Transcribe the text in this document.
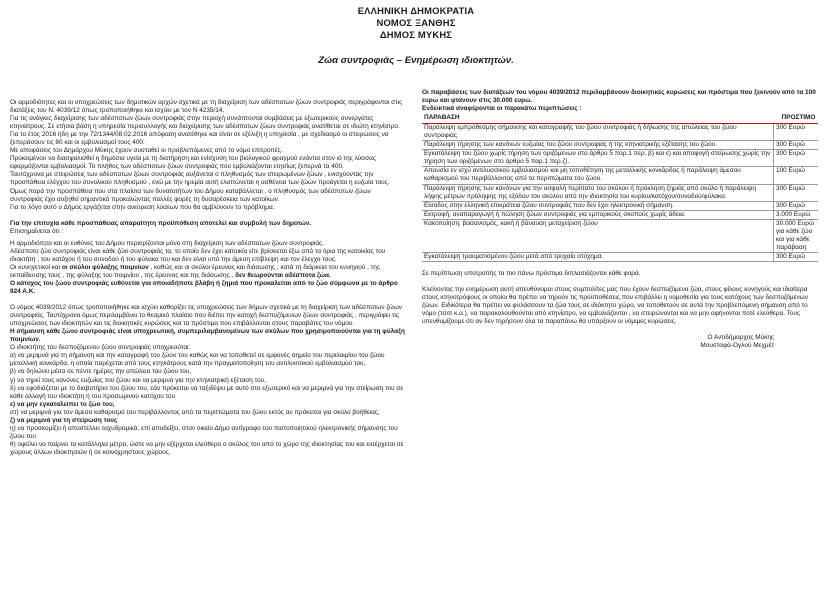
ΕΛΛΗΝΙΚΗ ΔΗΜΟΚΡΑΤΙΑ
ΝΟΜΟΣ ΞΑΝΘΗΣ
ΔΗΜΟΣ ΜΥΚΗΣ
Ζώα συντροφιάς – Ενημέρωση ιδιοκτητών.

Οι αρμοδιότητες και οι υποχρεώσεις των δημοτικών αρχών σχετικά με τη διαχείριση των αδέσποτων ζώων συντροφιάς περιγράφονται στις διατάξεις του Ν. 4039/12 όπως τροποποιήθηκε και ισχύει με τον Ν 4235/14.

Για τις ανάγκες διαχείρισης των αδέσποτων ζώων συντροφιάς στην περιοχή συνάπτονται συμβάσεις με εξωτερικούς συνεργάτες κτηνιάτρους. Σε ετήσια βάση η υπηρεσία περισυλλογής και διαχείρισης των αδέσποτων ζώων συντροφιάς ανατίθεται σε ιδιώτη κτηνίατρο.

Για το έτος 2016 ήδη με την 72/1344/08.02.2016 απόφαση ανατέθηκε και είναι σε εξέλιξη η υπηρεσία , με σχεδιασμό οι στειρώσεις να ξεπεράσουν τις 80 και οι εμβολιασμοί τους 400.

Με αποφάσεις του Δημάρχου Μύκης έχουν συσταθεί οι προβλεπόμενες από το νόμο επιτροπές.

Προκειμένου να διασφαλισθεί η δημόσια υγεία με τη διατήρηση και ενίσχυση του βιολογικού φραγμού ενάντια στον ιό της λύσσας εφαρμόζονται εμβολιασμοί. Το πλήθος των αδέσποτων ζώων συντροφιάς που εμβολιάζονται ετησίως ξεπερνά τα 400.

Ταυτόχρονα με στειρώσεις των αδέσποτων ζώων συντροφιάς αυξάνεται ο πληθυσμός των στειρωμένων ζώων , ενισχύοντας την προσπάθεια ελέγχου του συνολικού πληθυσμού , ενώ με την ηρεμία αυτή ελαττώνεται η ασθένεια των ζώων προάγεται η ευζωία τους.

Όμως παρά την προσπάθεια που στα πλαίσια των δυνατοτήτων του Δήμου καταβάλλεται , ο πληθυσμός των αδέσποτων ζώων συντροφιάς έχει αυξηθεί σημαντικά προκαλώντας πολλές φορές τη δυσαρέσκεια των κατοίκων.

Για το λόγο αυτό ο Δήμος εργάζεται στην ανεύρεση λύσεων που θα αμβλύνουν το πρόβλημα.

Για την επιτυχία κάθε προσπάθειας απαραίτητη προϋπόθεση αποτελεί και συμβολή των δημοτών.

Επισημαίνεται ότι :

Η αρμοδιότητα και οι ευθύνες του Δήμου περιορίζονται μόνο στη διαχείριση των αδέσποτων ζώων συντροφιάς.

Αδέσποτο ζώο συντροφιάς είναι κάθε ζώο συντροφιάς τα, το οποίο δεν έχει κατοικία είτε βρίσκεται έξω από τα όρια της κατοικίας του ιδιοκτήτη , του κατόχου ή του συνοδού ή του φύλακα του και δεν είναι υπό την άμεση επίβλεψη και τον έλεγχο τους.

Οι κυνηγετικοί και οι σκύλοι φύλαξης ποιμνίων , καθώς και οι σκύλοι έρευνας και διάσωσης , κατά τη διάρκεια του κυνηγιού , της εκπαίδευσης τους , της φύλαξης του ποιμνίου , της έρευνας και της διάσωσης , δεν θεωρούνται αδέσποτα ζώα.

Ο κάτοχος του ζώου συντροφιάς ευθύνεται για οποιαδήποτε βλάβη ή ζημιά που προκαλείται από το ζώο σύμφωνα με το άρθρο 924 Α.Κ.

Ο νόμος 4039/2012 όπως τροποποιήθηκε και ισχύει καθορίζει τις υποχρεώσεις των δήμων σχετικά με τη διαχείριση των αδέσποτων ζώων συντροφιάς. Ταυτόχρονα όμως περιλαμβάνει το θεσμικό πλαίσιο που διέπει την κατοχή δεσποζόμενων ζώων συντροφιάς , περιγράφει τις υποχρεώσεις των ιδιοκτητών και τις διοικητικές κυρώσεις και τα πρόστιμα που επιβάλλονται στους παραβάτες του νόμου.

Η σήμανση κάθε ζώου συντροφιάς είναι υποχρεωτική, συμπεριλαμβανομένων των σκύλων που χρησιμοποιούνται για τη φύλαξη ποιμνίων.

Ο ιδιοκτήτης του δεσποζόμενου ζώου συντροφιάς υποχρεούται:

α) να μεριμνά για τη σήμανση και την καταγραφή του ζώου του καθώς και να τοποθετεί σε εμφανές σημείο του περιλαιμίου του ζώου μεταλλική κονκάρδα, η οποία παρέχεται από τους κτηνιάτρους κατά την πραγματοποίηση του αντιλυσσικού εμβολιασμού του,

β) να δηλώνει μέσα σε πέντε ημέρες την απώλεια του ζώου του,

γ) να τηρεί τους κανόνες ευζωίας του ζώου και να μεριμνά για την κτηνιατρική εξέταση του,

δ) να εφοδιάζεται με το διαβατήριο του ζώου του, εάν πρόκειται να ταξιδέψει με αυτό στο εξωτερικό και να μεριμνά για την στείρωση του σε κάθε αλλαγή του ιδιοκτήτη ή του προσωρινού κατόχου του

ε) να μην εγκαταλείπει το ζώο του,

στ) να μεριμνά για τον άμεσο καθαρισμό του περιβάλλοντος από τα περιττώματα του ζώου εκτός αν πρόκειται για σκύλο βοήθειας,

ζ) να μεριμνά για τη στείρωση τους

η) να προσκομίζει ή αποστέλλει ταχυδρομικά, επί αποδείξει, στον οικείο Δήμο αντίγραφο του πιστοποιητικού ηλεκτρονικής σήμανσης του ζώου του

θ) οφείλει να παίρνει τα κατάλληλα μέτρα, ώστε να μην εξέρχεται ελεύθερο ο σκύλος του από το χώρο της ιδιοκτησίας του και εισέρχεται σε χώρους άλλων ιδιοκτησιών ή σε κοινόχρηστους χώρους.

Οι παραβάσεις των διατάξεων του νόμου 4039/2012 περιλαμβάνουν διοικητικές κυρώσεις και πρόστιμα που ξεκινούν από τα 100 ευρώ και φτάνουν στις 30.000 ευρώ.

Ενδεικτικά αναφέρονται οι παρακάτω περιπτώσεις :

ΠΑΡΑΒΑΣΗ	ΠΡΟΣΤΙΜΟ
Παράλειψη εμπρόθεσμης σήμανσης και καταγραφής του ζώου συντροφιάς ή δήλωσης της απώλειας του ζώου συντροφιάς.	300 Ευρώ
Παράλειψη τήρησης των κανόνων ευζωίας του ζώου συντροφιάς ή της κτηνιατρικής εξέτασης του ζώου.	300 Ευρώ
Εγκατάλειψη του ζώου χωρίς τήρηση των οριζόμενων στο άρθρο 5 παρ.1 περ. β) και ε) και αποφυγή στείρωσης χωρίς την τήρηση των οριζόμενων στο άρθρο 5 παρ.1 περ.ζ).	300 Ευρώ
Απουσία εν ισχύ αντιλυσσικού εμβολιασμού και μη τοποθέτηση της μεταλλικής κονκάρδας ή παράλειψη άμεσου καθαρισμού του περιβάλλοντος από τα περιττώματα του ζώου.	100 Ευρώ
Παράλειψη τήρησης των κανόνων για την ασφαλή περίπατο του σκύλου ή πρόκληση ζημιάς από σκύλο ή παράλειψη λήψης μέτρων πρόληψης της εξόδου του σκύλου από την ιδιοκτησία του κυρίου/κατόχου/συνοδού/φύλακα.	300 Ευρώ
Είσοδος στην ελληνική επικράτεια ζώου συντροφιάς που δεν έχει ηλεκτρονική σήμανση.	300 Ευρώ
Εκτροφή, αναπαραγωγή ή πώληση ζώων συντροφιάς για εμπορικούς σκοπούς χωρίς άδεια.	3.000 Ευρώ
Κακοποίηση, βασανισμός, κακή ή βάναυση μεταχείριση ζώου	30.000 Ευρώ για κάθε ζώο και για κάθε παράβαση
Εγκατάλειψη τραυματισμένου ζώου μετά από τροχαίο ατύχημα.	300 Ευρώ

Σε περίπτωση υποτροπής τα πιο πάνω πρόστιμα διπλασιάζονται κάθε φορά.

Κλείνοντας την ενημέρωση αυτή απευθύνομαι στους συμπολίτες μας που έχουν δεσποζόμενα ζώα, στους φίλους κυνηγούς και ιδιαίτερα στους κτηνοτρόφους οι οποίοι θα πρέπει να τηρούν τις προϋποθέσεις που επιβάλλει η νομοθεσία για τους κατόχους των δεσποζόμενων ζώων. Ειδικότερα θα πρέπει να φυλάσσουν τα ζώα τους σε ιδιόκτητο χώρο, να τοποθετούν σε αυτά την προβλεπόμενη σήμανση από το νόμο (τσιπ κ.α.), να παρακολουθούνται από κτηνίατρο, να εμβολιάζονται , να στειρώνονται και να μην αφήνονται ποτέ ελεύθερα. Τους υπενθυμίζουμε ότι αν δεν τηρήσουν όλα τα παραπάνω θα υπάρξουν οι νόμιμες κυρώσεις.

Ο Αντιδήμαρχος Μύκης

Μουσταφά-Ογλού Μεχμέτ
